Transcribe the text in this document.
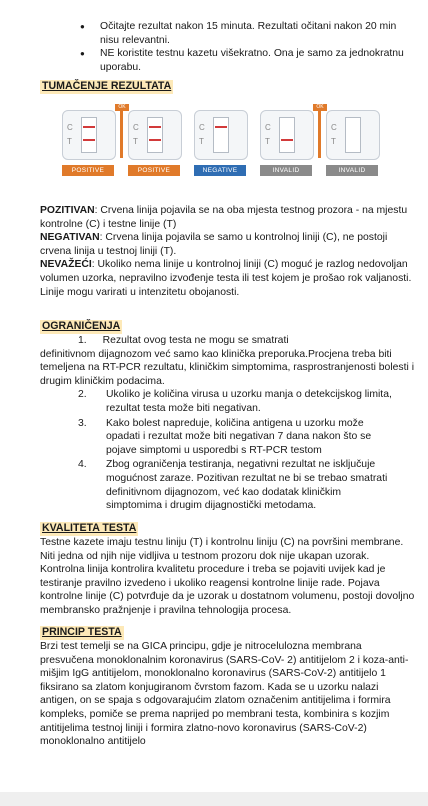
● Očitajte rezultat nakon 15 minuta. Rezultati očitani nakon 20 min nisu relevantni.
● NE koristite testnu kazetu višekratno. Ona je samo za jednokratnu uporabu.
TUMAČENJE REZULTATA
C
T
OK
POSITIVE
C
T
POSITIVE
C
T
NEGATIVE
C
T
OK
INVALID
C
T
INVALID
POZITIVAN: Crvena linija pojavila se na oba mjesta testnog prozora - na mjestu kontrolne (C) i testne linije (T)
NEGATIVAN: Crvena linija pojavila se samo u kontrolnoj liniji (C), ne postoji crvena linija u testnoj liniji (T).
NEVAŽEĆI: Ukoliko nema linije u kontrolnoj liniji (C) moguć je razlog nedovoljan volumen uzorka, nepravilno izvođenje testa ili test kojem je prošao rok valjanosti.
Linije mogu varirati u intenzitetu obojanosti.
OGRANIČENJA
1. Rezultat ovog testa ne mogu se smatrati
definitivnom dijagnozom već samo kao klinička preporuka.Procjena treba biti temeljena na RT-PCR rezultatu, kliničkim simptomima, rasprostranjenosti bolesti i drugim kliničkim podacima.
2. Ukoliko je količina virusa u uzorku manja o detekcijskog limita, rezultat testa može biti negativan.
3. Kako bolest napreduje, količina antigena u uzorku može opadati i rezultat može biti negativan 7 dana nakon što se pojave simptomi u usporedbi s RT-PCR testom
4. Zbog ograničenja testiranja, negativni rezultat ne isključuje mogućnost zaraze. Pozitivan rezultat ne bi se trebao smatrati definitivnom dijagnozom, već kao dodatak kliničkim simptomima i drugim dijagnostički metodama.
KVALITETA TESTA
Testne kazete imaju testnu liniju (T) i kontrolnu liniju (C) na površini membrane. Niti jedna od njih nije vidljiva u testnom prozoru dok nije ukapan uzorak. Kontrolna linija kontrolira kvalitetu procedure i treba se pojaviti uvijek kad je testiranje pravilno izvedeno i ukoliko reagensi kontrolne linije rade. Pojava kontrolne linije (C) potvrđuje da je uzorak u dostatnom volumenu, postoji dovoljno membransko pražnjenje i pravilna tehnologija procesa.
PRINCIP TESTA
Brzi test temelji se na GICA principu, gdje je nitrocelulozna membrana presvučena monoklonalnim koronavirus (SARS-CoV- 2) antitijelom 2 i koza-anti-mišjim IgG antitijelom, monoklonalno koronavirus (SARS-CoV-2) antitijelo 1 fiksirano sa zlatom konjugiranom čvrstom fazom. Kada se u uzorku nalazi antigen, on se spaja s odgovarajućim zlatom označenim antitijelima i formira kompleks, pomiče se prema naprijed po membrani testa, kombinira s kozjim antitijelima testnoj liniji i formira zlatno-novo koronavirus (SARS-CoV-2) monoklonalno antitijelo
